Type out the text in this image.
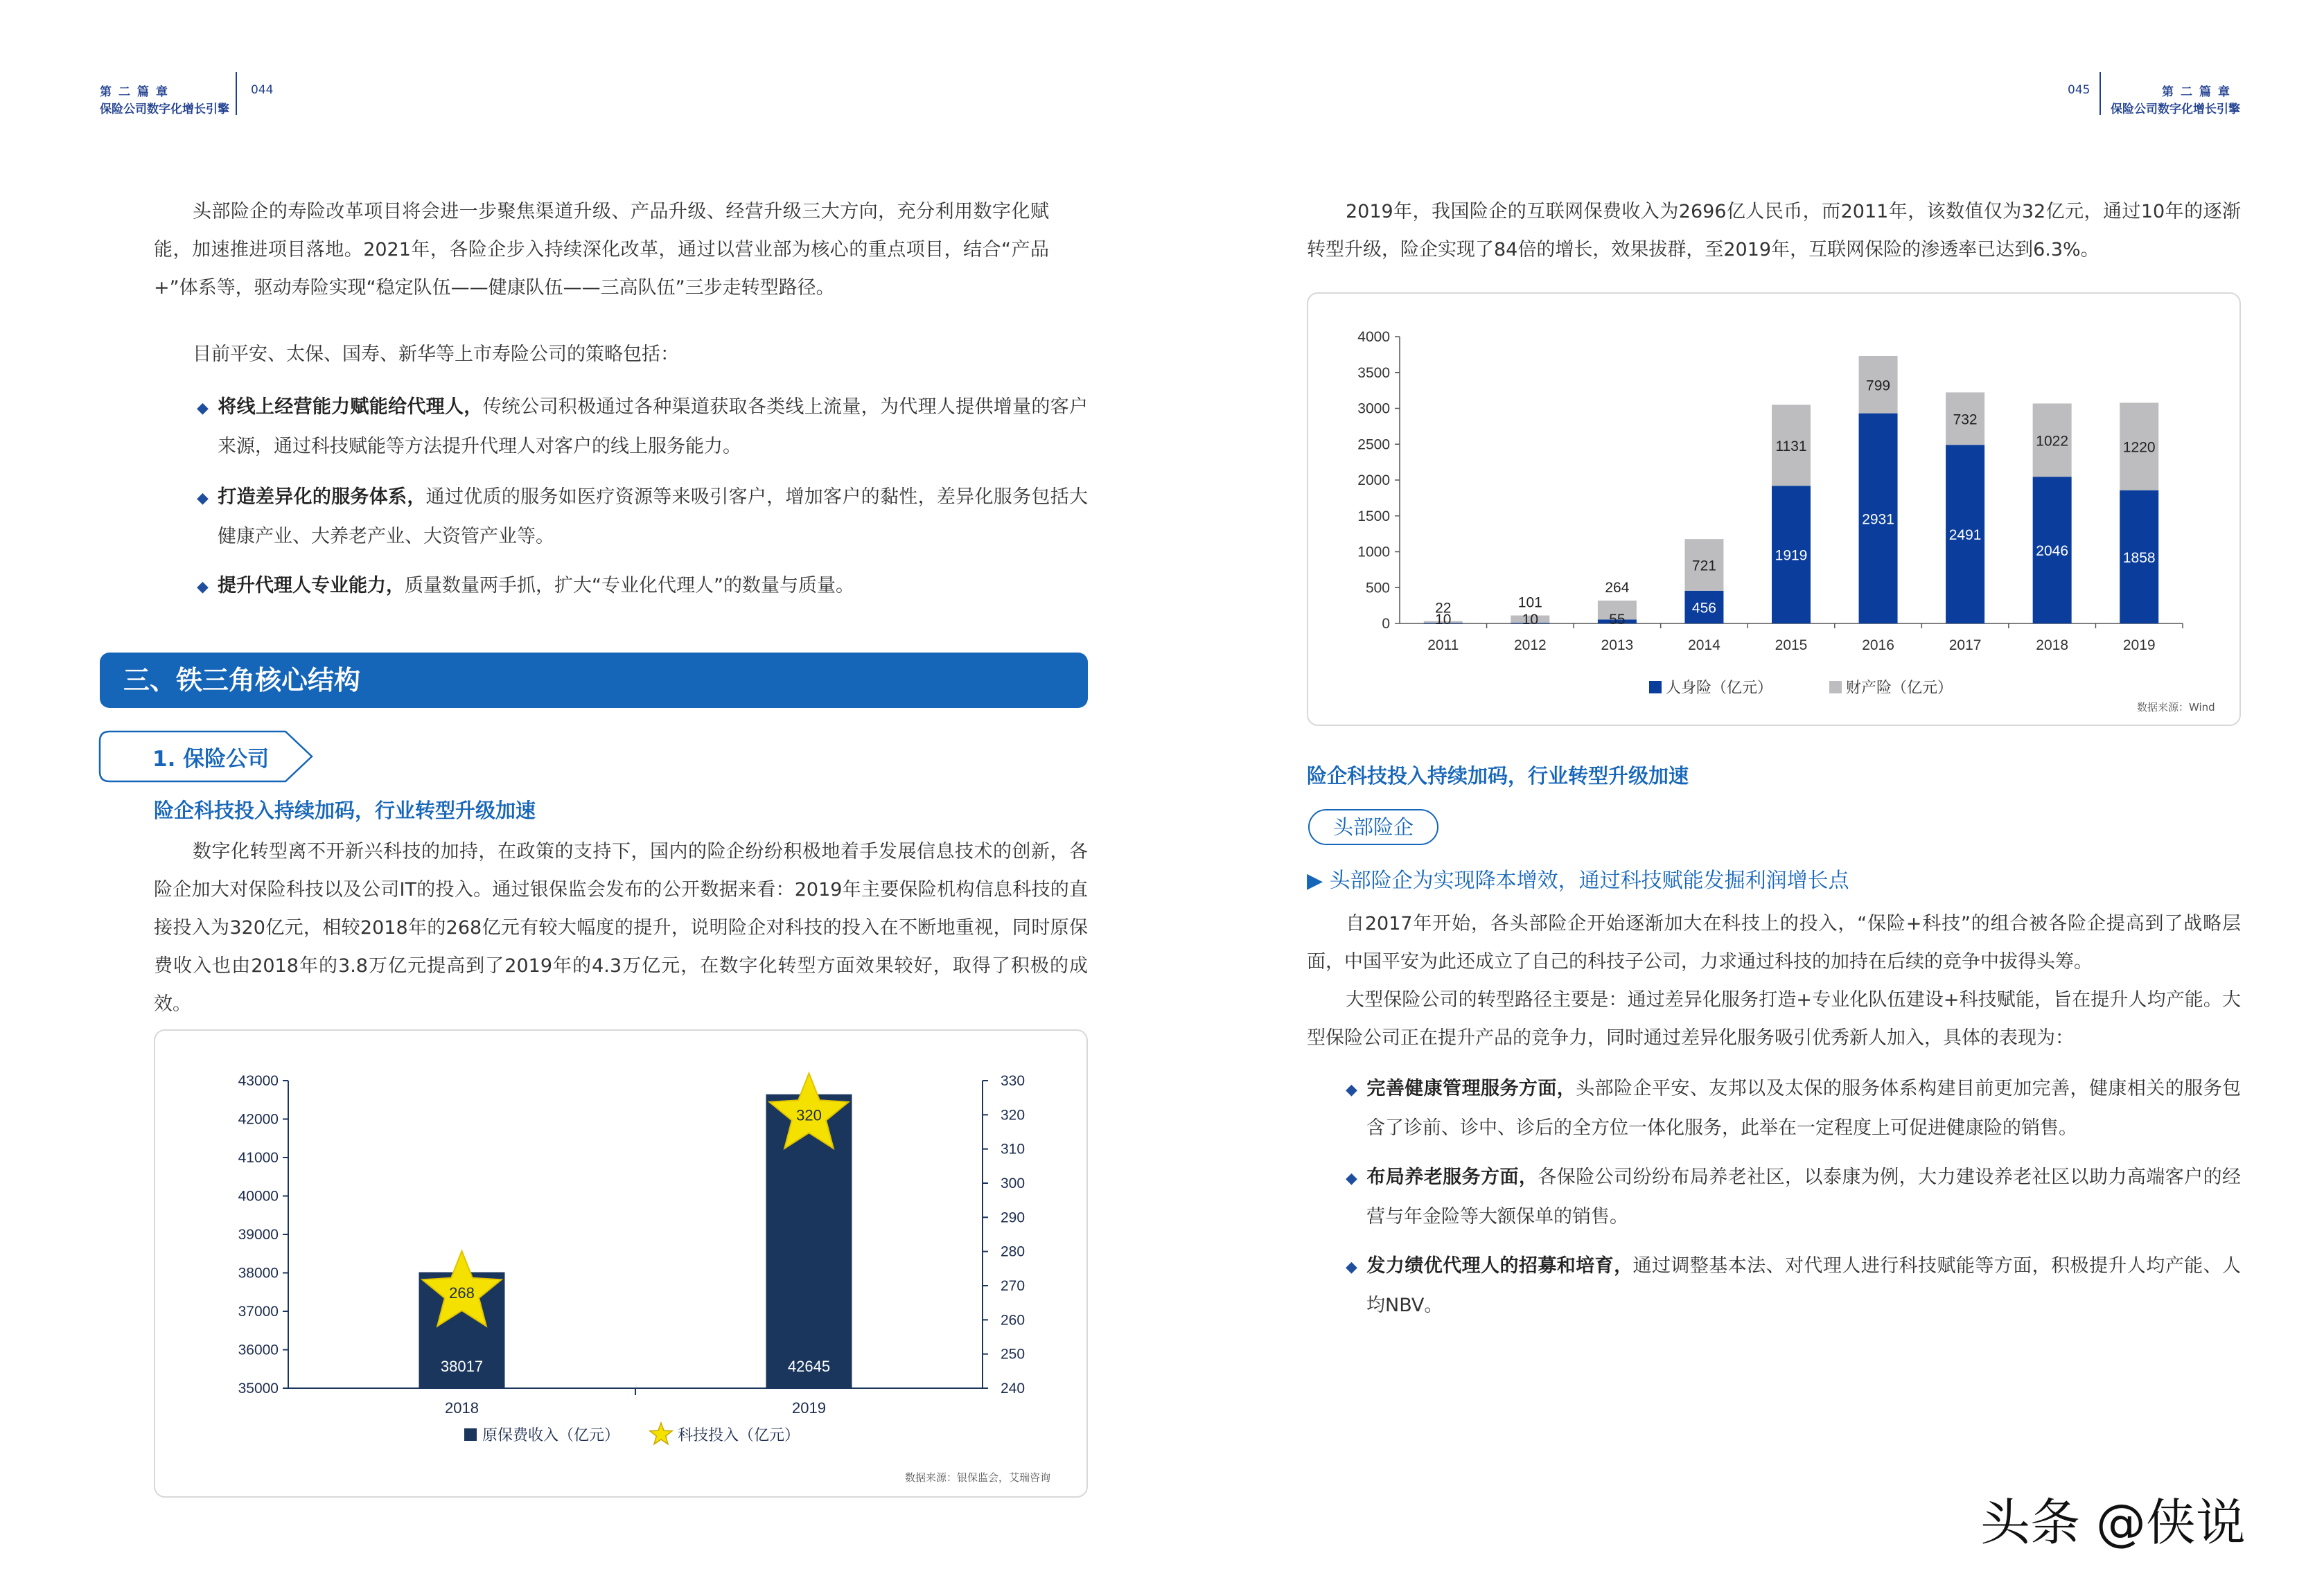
第二篇章
保险公司数字化增长引擎
044	045	第二篇章
保险公司数字化增长引擎
头部险企的寿险改革项目将会进一步聚焦渠道升级、产品升级、经营升级三大方向，充分利用数字化赋能，加速推进项目落地。2021年，各险企步入持续深化改革，通过以营业部为核心的重点项目，结合“产品+”体系等，驱动寿险实现“稳定队伍——健康队伍——三高队伍”三步走转型路径。
目前平安、太保、国寿、新华等上市寿险公司的策略包括：
◆ 将线上经营能力赋能给代理人，传统公司积极通过各种渠道获取各类线上流量，为代理人提供增量的客户来源，通过科技赋能等方法提升代理人对客户的线上服务能力。
◆ 打造差异化的服务体系，通过优质的服务如医疗资源等来吸引客户，增加客户的黏性，差异化服务包括大健康产业、大养老产业、大资管产业等。
◆ 提升代理人专业能力，质量数量两手抓，扩大“专业化代理人”的数量与质量。
三、铁三角核心结构
1. 保险公司
险企科技投入持续加码，行业转型升级加速
数字化转型离不开新兴科技的加持，在政策的支持下，国内的险企纷纷积极地着手发展信息技术的创新，各险企加大对保险科技以及公司IT的投入。通过银保监会发布的公开数据来看：2019年主要保险机构信息科技的直接投入为320亿元，相较2018年的268亿元有较大幅度的提升，说明险企对科技的投入在不断地重视，同时原保费收入也由2018年的3.8万亿元提高到了2019年的4.3万亿元，在数字化转型方面效果较好，取得了积极的成效。
35000
36000
37000
38000
39000
40000
41000
42000
43000
240
250
260
270
280
290
300
310
320
330
38017
2018
268
42645
2019
320
原保费收入（亿元）	科技投入（亿元）
数据来源：银保监会，艾瑞咨询
2019年，我国险企的互联网保费收入为2696亿人民币，而2011年，该数值仅为32亿元，通过10年的逐渐转型升级，险企实现了84倍的增长，效果拔群，至2019年，互联网保险的渗透率已达到6.3%。
0
500
1000
1500
2000
2500
3000
3500
4000
10
22
2011
10
101
2012
55
264
2013
456
721
2014
1919
1131
2015
2931
799
2016
2491
732
2017
2046
1022
2018
1858
1220
2019
人身险（亿元）	财产险（亿元）
数据来源：Wind
险企科技投入持续加码，行业转型升级加速
头部险企
▶ 头部险企为实现降本增效，通过科技赋能发掘利润增长点
自2017年开始，各头部险企开始逐渐加大在科技上的投入，“保险+科技”的组合被各险企提高到了战略层面，中国平安为此还成立了自己的科技子公司，力求通过科技的加持在后续的竞争中拔得头筹。
大型保险公司的转型路径主要是：通过差异化服务打造+专业化队伍建设+科技赋能，旨在提升人均产能。大型保险公司正在提升产品的竞争力，同时通过差异化服务吸引优秀新人加入，具体的表现为：
◆ 完善健康管理服务方面，头部险企平安、友邦以及太保的服务体系构建目前更加完善，健康相关的服务包含了诊前、诊中、诊后的全方位一体化服务，此举在一定程度上可促进健康险的销售。
◆ 布局养老服务方面，各保险公司纷纷布局养老社区，以泰康为例，大力建设养老社区以助力高端客户的经营与年金险等大额保单的销售。
◆ 发力绩优代理人的招募和培育，通过调整基本法、对代理人进行科技赋能等方面，积极提升人均产能、人均NBV。
头条 @侠说
